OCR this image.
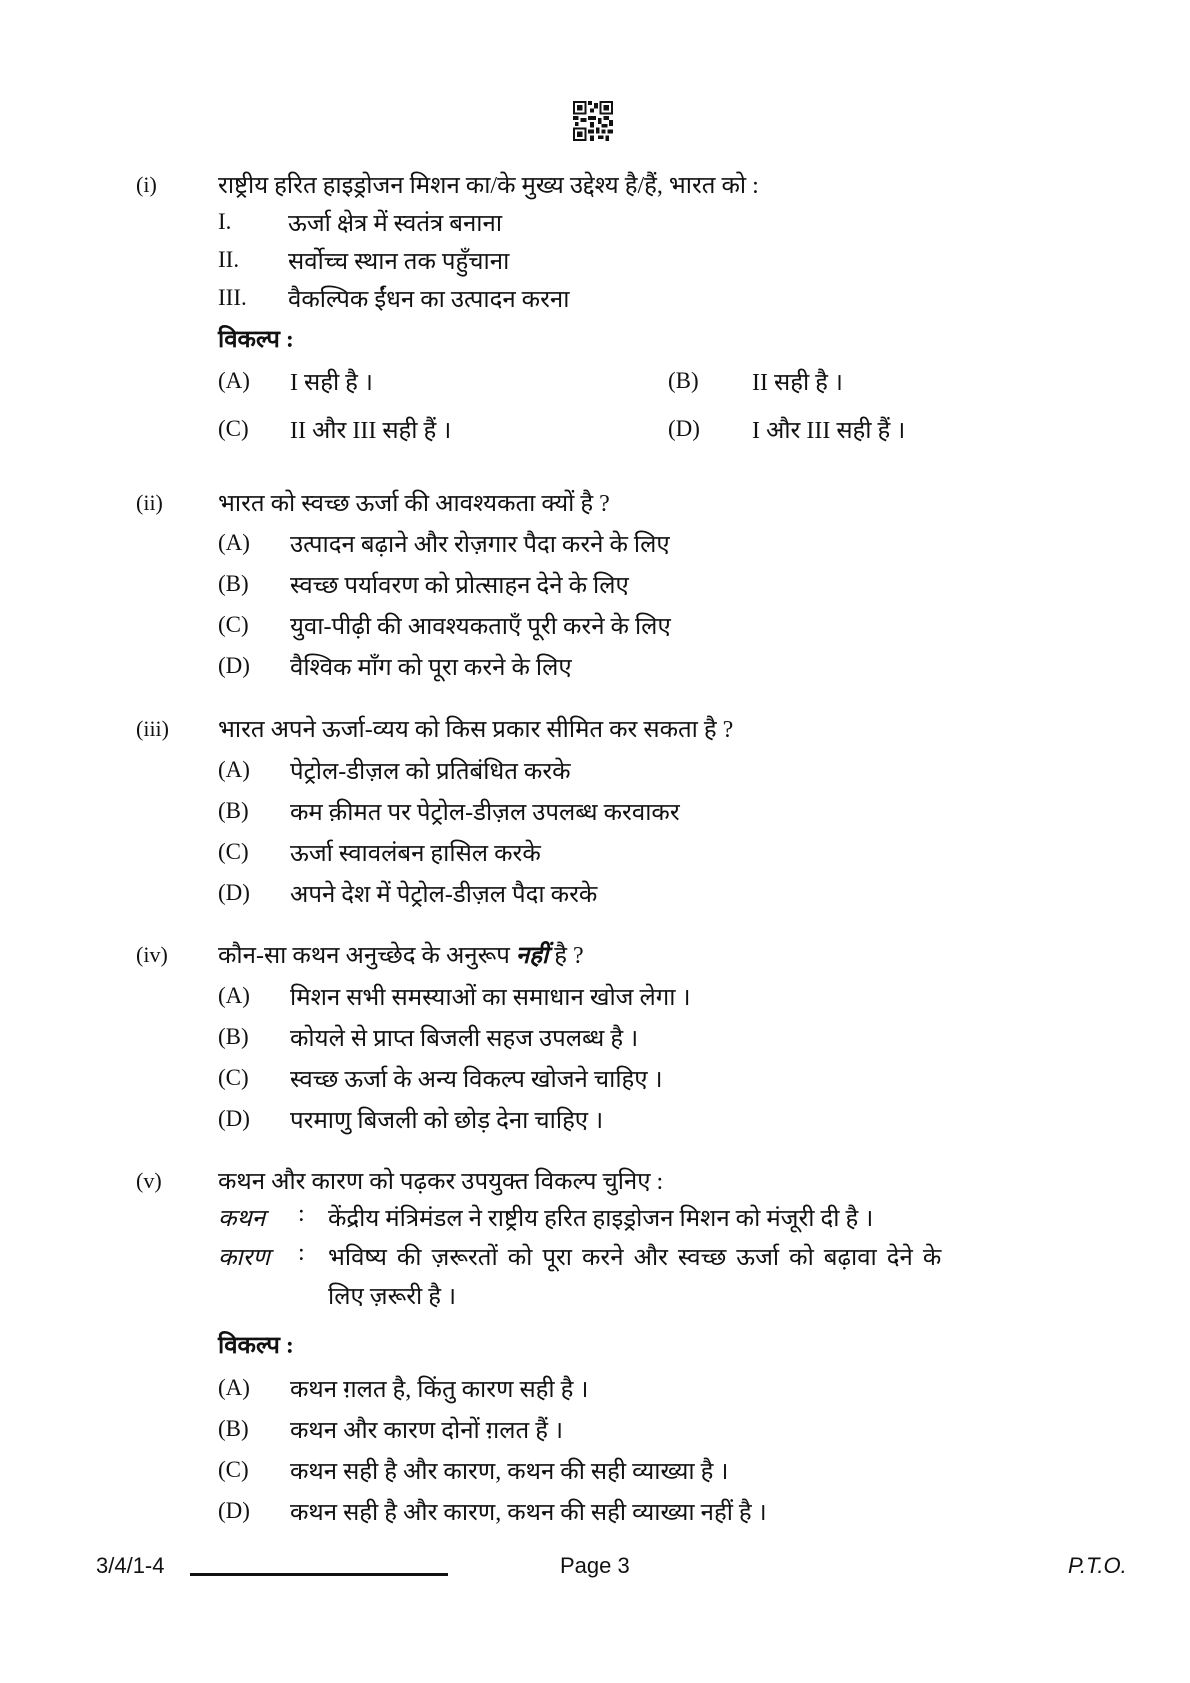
(i)	राष्ट्रीय हरित हाइड्रोजन मिशन का/के मुख्य उद्देश्य है/हैं, भारत को :
I. ऊर्जा क्षेत्र में स्वतंत्र बनाना
II. सर्वोच्च स्थान तक पहुँचाना
III. वैकल्पिक ईंधन का उत्पादन करना
विकल्प :
(A) I सही है ।	(B) II सही है ।
(C) II और III सही हैं ।	(D) I और III सही हैं ।
(ii) भारत को स्वच्छ ऊर्जा की आवश्यकता क्यों है ?
(A) उत्पादन बढ़ाने और रोज़गार पैदा करने के लिए
(B) स्वच्छ पर्यावरण को प्रोत्साहन देने के लिए
(C) युवा-पीढ़ी की आवश्यकताएँ पूरी करने के लिए
(D) वैश्विक माँग को पूरा करने के लिए
(iii) भारत अपने ऊर्जा-व्यय को किस प्रकार सीमित कर सकता है ?
(A) पेट्रोल-डीज़ल को प्रतिबंधित करके
(B) कम क़ीमत पर पेट्रोल-डीज़ल उपलब्ध करवाकर
(C) ऊर्जा स्वावलंबन हासिल करके
(D) अपने देश में पेट्रोल-डीज़ल पैदा करके
(iv) कौन-सा कथन अनुच्छेद के अनुरूप नहीं है ?
(A) मिशन सभी समस्याओं का समाधान खोज लेगा ।
(B) कोयले से प्राप्त बिजली सहज उपलब्ध है ।
(C) स्वच्छ ऊर्जा के अन्य विकल्प खोजने चाहिए ।
(D) परमाणु बिजली को छोड़ देना चाहिए ।
(v) कथन और कारण को पढ़कर उपयुक्त विकल्प चुनिए :
कथन : केंद्रीय मंत्रिमंडल ने राष्ट्रीय हरित हाइड्रोजन मिशन को मंजूरी दी है ।
कारण : भविष्य की ज़रूरतों को पूरा करने और स्वच्छ ऊर्जा को बढ़ावा देने के
लिए ज़रूरी है ।
विकल्प :
(A) कथन ग़लत है, किंतु कारण सही है ।
(B) कथन और कारण दोनों ग़लत हैं ।
(C) कथन सही है और कारण, कथन की सही व्याख्या है ।
(D) कथन सही है और कारण, कथन की सही व्याख्या नहीं है ।
3/4/1-4	Page 3	P.T.O.
